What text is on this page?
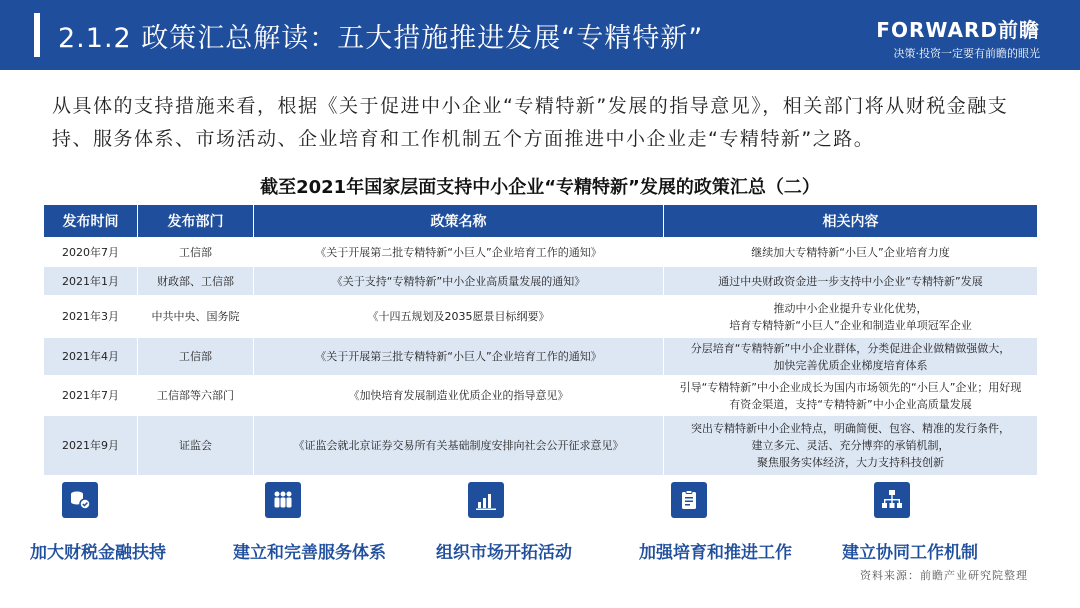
2.1.2 政策汇总解读：五大措施推进发展“专精特新”	FORWARD前瞻
决策·投资一定要有前瞻的眼光
从具体的支持措施来看，根据《关于促进中小企业“专精特新”发展的指导意见》，相关部门将从财税金融支持、服务体系、市场活动、企业培育和工作机制五个方面推进中小企业走“专精特新”之路。
截至2021年国家层面支持中小企业“专精特新”发展的政策汇总（二）
发布时间	发布部门	政策名称	相关内容
2020年7月	工信部	《关于开展第二批专精特新“小巨人”企业培育工作的通知》	继续加大专精特新“小巨人”企业培育力度

2021年1月	财政部、工信部	《关于支持“专精特新”中小企业高质量发展的通知》	通过中央财政资金进一步支持中小企业“专精特新”发展

2021年3月	中共中央、国务院	《十四五规划及2035愿景目标纲要》	推动中小企业提升专业化优势，
培育专精特新“小巨人”企业和制造业单项冠军企业

2021年4月	工信部	《关于开展第三批专精特新“小巨人”企业培育工作的通知》	分层培育“专精特新”中小企业群体，分类促进企业做精做强做大，
加快完善优质企业梯度培育体系

2021年7月	工信部等六部门	《加快培育发展制造业优质企业的指导意见》	引导“专精特新”中小企业成长为国内市场领先的“小巨人”企业；用好现
有资金渠道，支持“专精特新”中小企业高质量发展

2021年9月	证监会	《证监会就北京证券交易所有关基础制度安排向社会公开征求意见》	突出专精特新中小企业特点，明确简便、包容、精准的发行条件，
建立多元、灵活、充分博弈的承销机制，
聚焦服务实体经济，大力支持科技创新
加大财税金融扶持	建立和完善服务体系	组织市场开拓活动	加强培育和推进工作	建立协同工作机制
资料来源：前瞻产业研究院整理
